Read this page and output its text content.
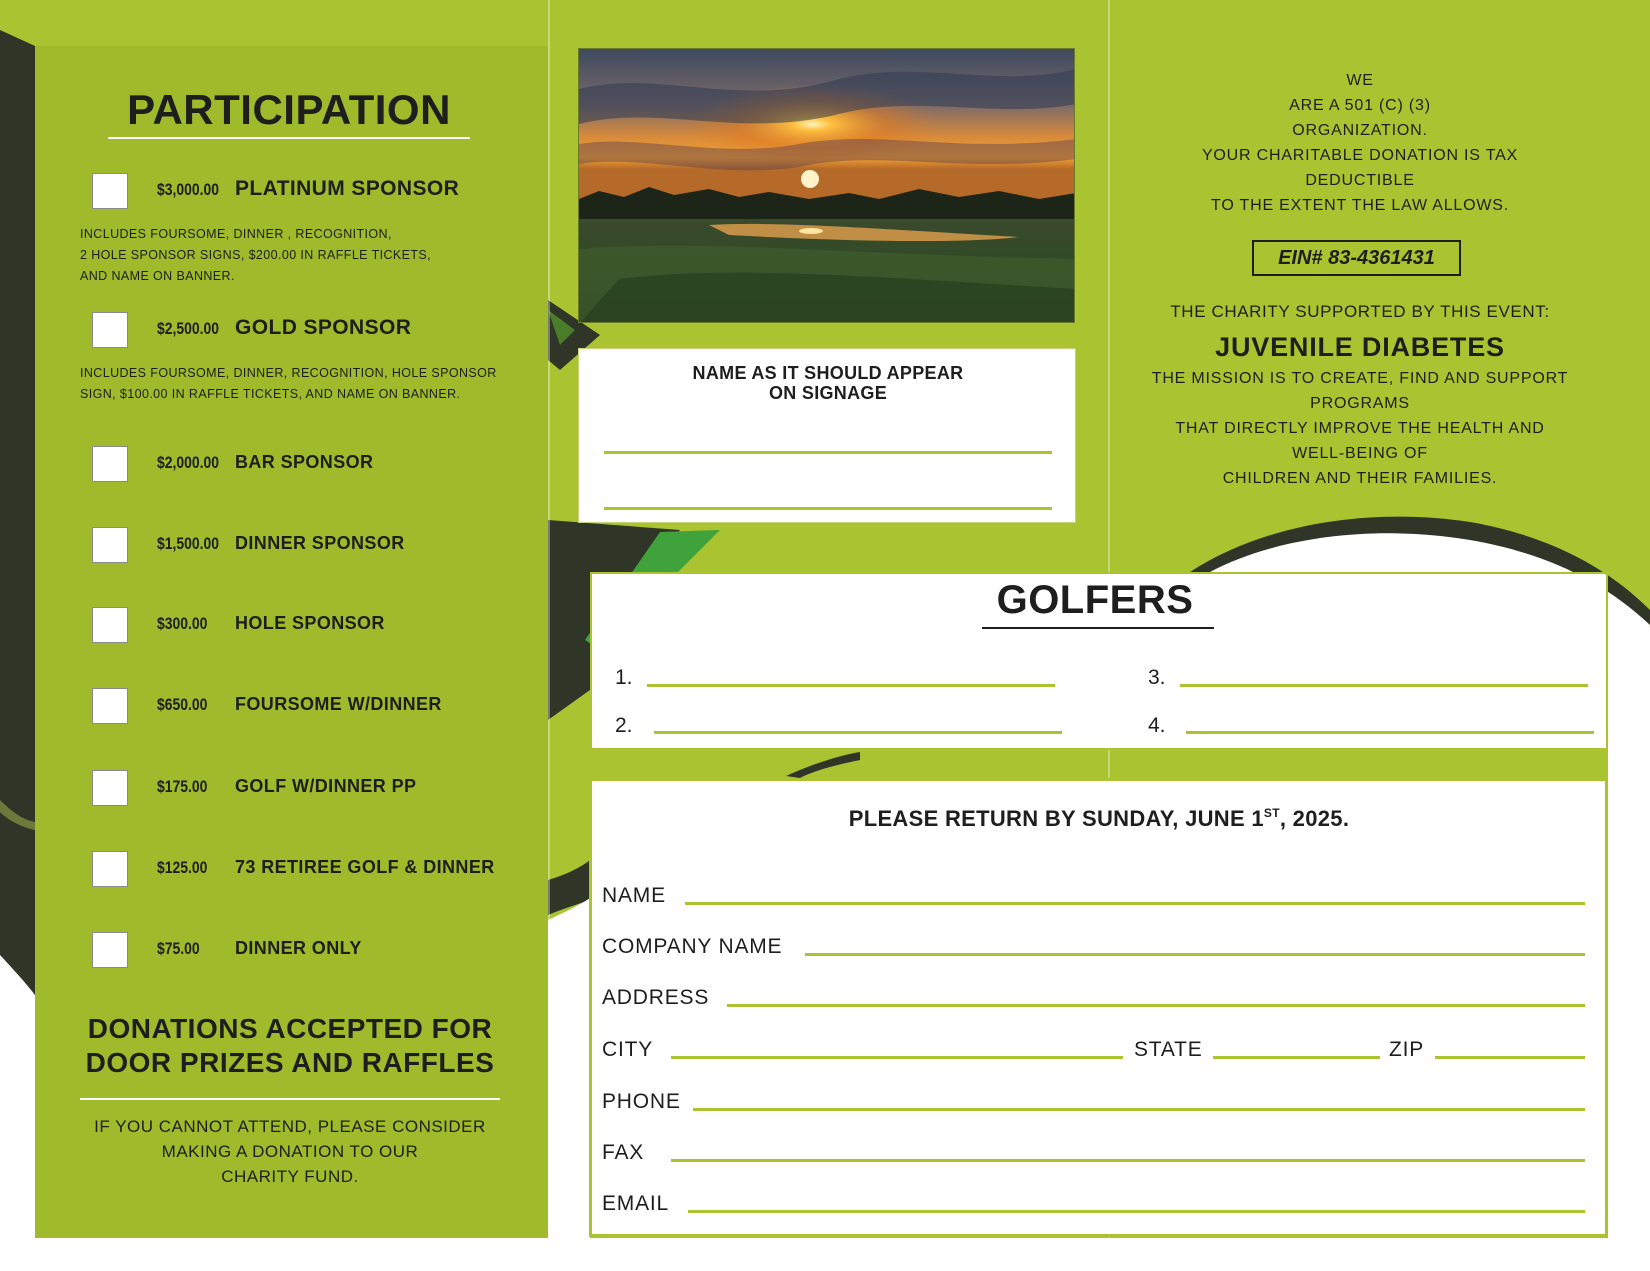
PARTICIPATION
$3,000.00 PLATINUM SPONSOR
INCLUDES FOURSOME, DINNER , RECOGNITION,
2 HOLE SPONSOR SIGNS, $200.00 IN RAFFLE TICKETS,
AND NAME ON BANNER.
$2,500.00 GOLD SPONSOR
INCLUDES FOURSOME, DINNER, RECOGNITION, HOLE SPONSOR
SIGN, $100.00 IN RAFFLE TICKETS, AND NAME ON BANNER.
$2,000.00 BAR SPONSOR
$1,500.00 DINNER SPONSOR
$300.00 HOLE SPONSOR
$650.00 FOURSOME W/DINNER
$175.00 GOLF W/DINNER PP
$125.00 73 RETIREE GOLF & DINNER
$75.00 DINNER ONLY
DONATIONS ACCEPTED FOR
DOOR PRIZES AND RAFFLES
IF YOU CANNOT ATTEND, PLEASE CONSIDER
MAKING A DONATION TO OUR
CHARITY FUND.
NAME AS IT SHOULD APPEAR
ON SIGNAGE
WE
ARE A 501 (C) (3)
ORGANIZATION.
YOUR CHARITABLE DONATION IS TAX
DEDUCTIBLE
TO THE EXTENT THE LAW ALLOWS.
EIN# 83-4361431
THE CHARITY SUPPORTED BY THIS EVENT:
JUVENILE DIABETES
THE MISSION IS TO CREATE, FIND AND SUPPORT
PROGRAMS
THAT DIRECTLY IMPROVE THE HEALTH AND
WELL-BEING OF
CHILDREN AND THEIR FAMILIES.
GOLFERS
1.
2.
3.
4.
PLEASE RETURN BY SUNDAY, JUNE 1ST, 2025.
NAME
COMPANY NAME
ADDRESS
CITY	STATE	ZIP
PHONE
FAX
EMAIL
